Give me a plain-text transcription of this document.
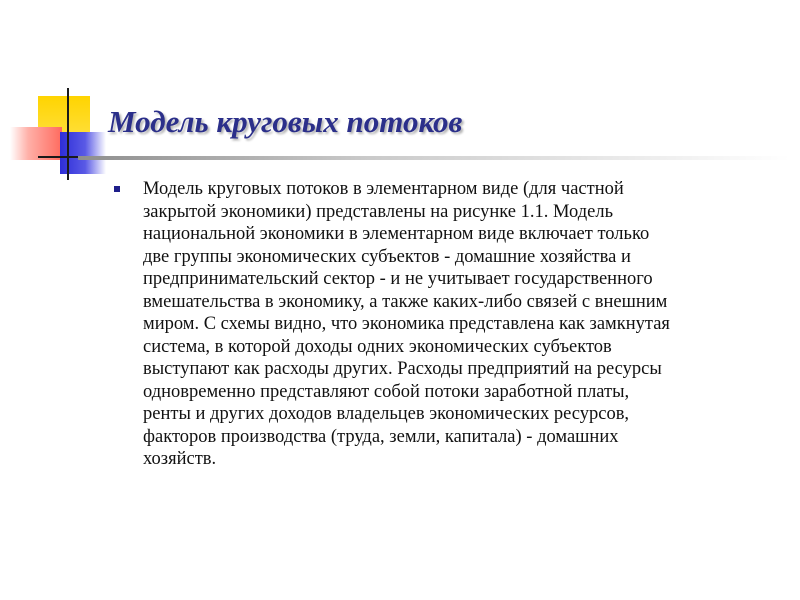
Модель круговых потоков

Модель круговых потоков в элементарном виде (для частной
закрытой экономики) представлены на рисунке 1.1. Модель
национальной экономики в элементарном виде включает только
две группы экономических субъектов - домашние хозяйства и
предпринимательский сектор - и не учитывает государственного
вмешательства в экономику, а также каких-либо связей с внешним
миром. С схемы видно, что экономика представлена как замкнутая
система, в которой доходы одних экономических субъектов
выступают как расходы других. Расходы предприятий на ресурсы
одновременно представляют собой потоки заработной платы,
ренты и других доходов владельцев экономических ресурсов,
факторов производства (труда, земли, капитала) - домашних
хозяйств.
